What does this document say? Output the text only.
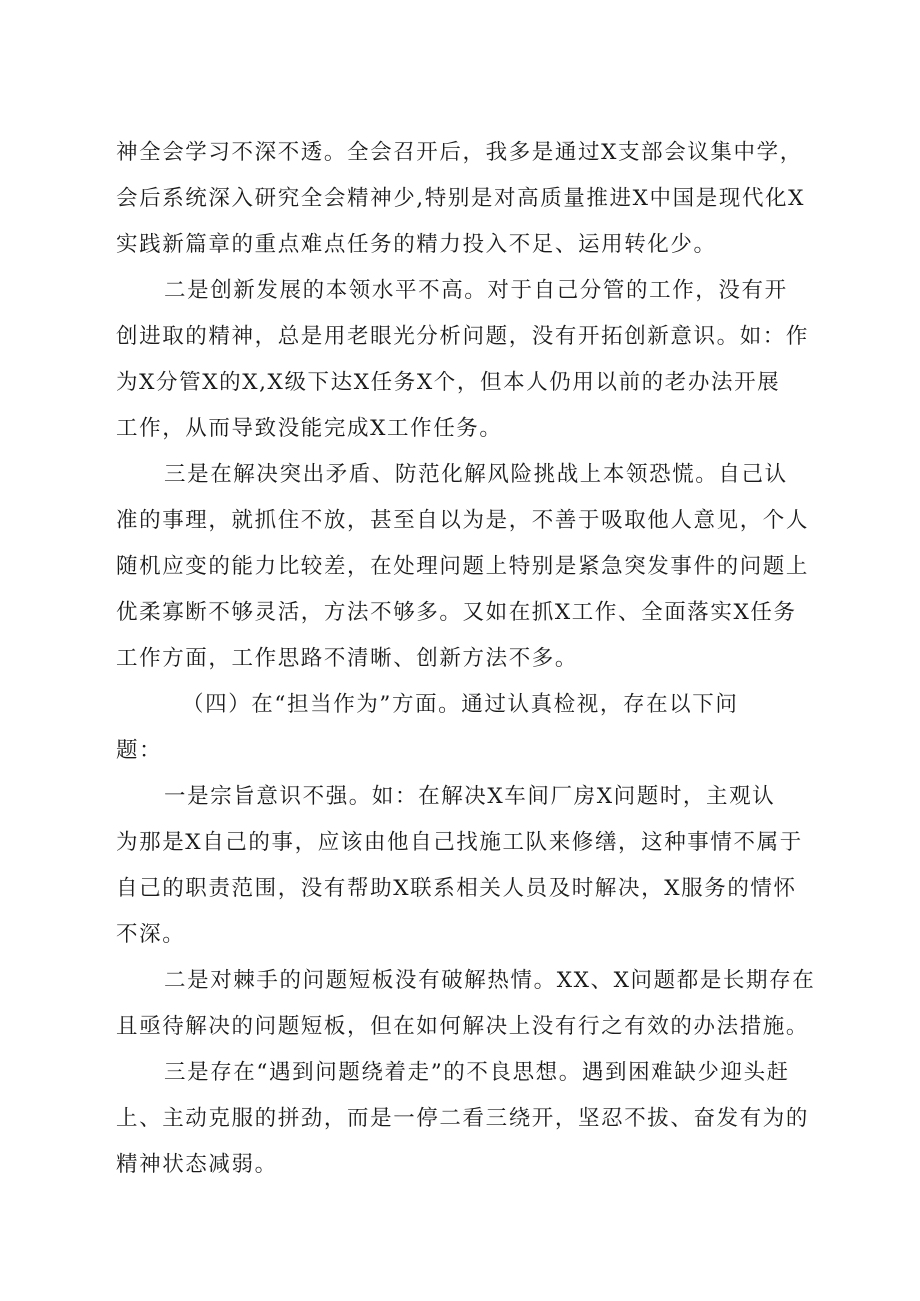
神全会学习不深不透。全会召开后，我多是通过X支部会议集中学，
会后系统深入研究全会精神少,特别是对高质量推进X中国是现代化X
实践新篇章的重点难点任务的精力投入不足、运用转化少。
二是创新发展的本领水平不高。对于自己分管的工作，没有开
创进取的精神，总是用老眼光分析问题，没有开拓创新意识。如：作
为X分管X的X,X级下达X任务X个，但本人仍用以前的老办法开展
工作，从而导致没能完成X工作任务。
三是在解决突出矛盾、防范化解风险挑战上本领恐慌。自己认
准的事理，就抓住不放，甚至自以为是，不善于吸取他人意见，个人
随机应变的能力比较差，在处理问题上特别是紧急突发事件的问题上
优柔寡断不够灵活，方法不够多。又如在抓X工作、全面落实X任务
工作方面，工作思路不清晰、创新方法不多。
（四）在“担当作为”方面。通过认真检视，存在以下问
题：
一是宗旨意识不强。如：在解决X车间厂房X问题时，主观认
为那是X自己的事，应该由他自己找施工队来修缮，这种事情不属于
自己的职责范围，没有帮助X联系相关人员及时解决，X服务的情怀
不深。
二是对棘手的问题短板没有破解热情。XX、X问题都是长期存在
且亟待解决的问题短板，但在如何解决上没有行之有效的办法措施。
三是存在“遇到问题绕着走”的不良思想。遇到困难缺少迎头赶
上、主动克服的拼劲，而是一停二看三绕开，坚忍不拔、奋发有为的
精神状态减弱。
